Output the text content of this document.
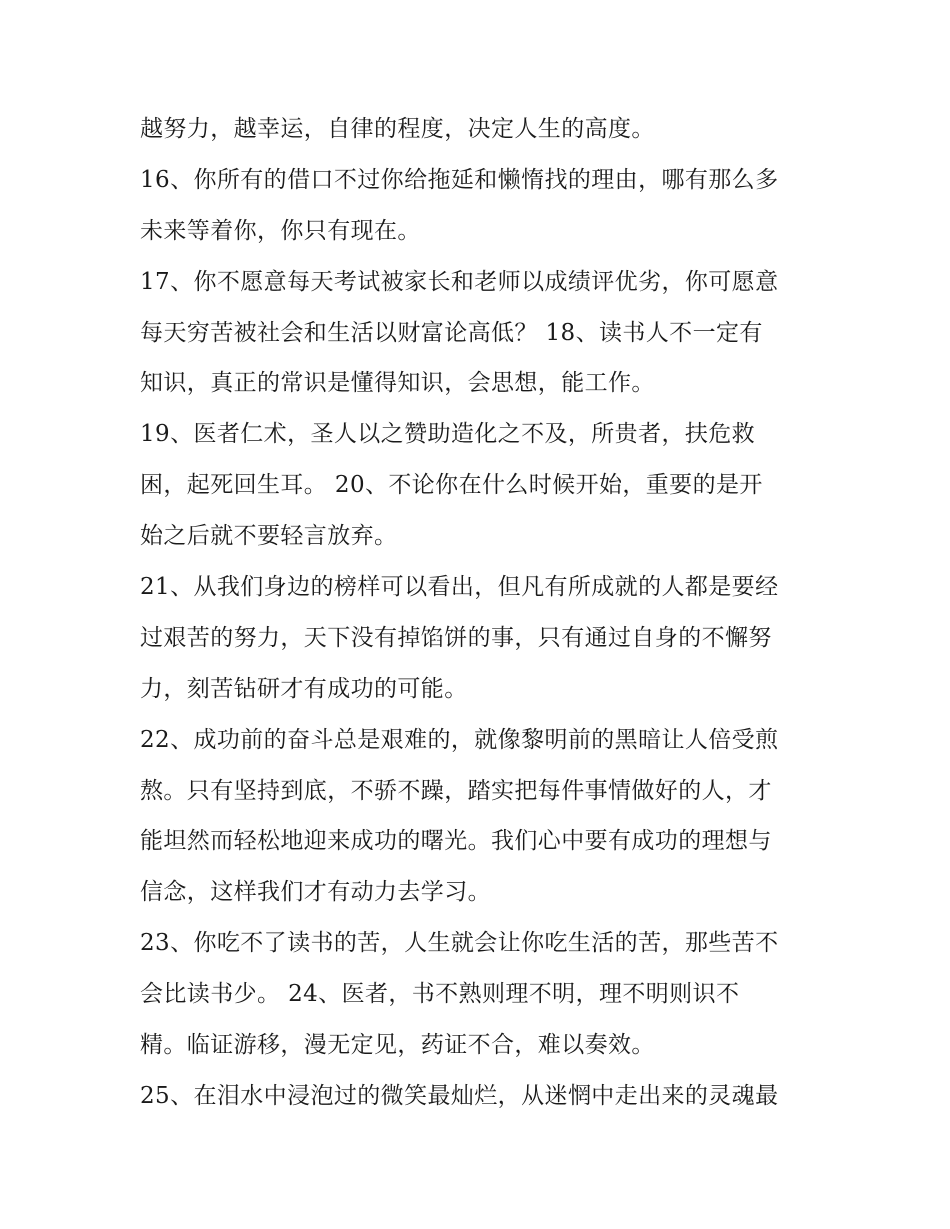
越努力，越幸运，自律的程度，决定人生的高度。
16、你所有的借口不过你给拖延和懒惰找的理由，哪有那么多
未来等着你，你只有现在。
17、你不愿意每天考试被家长和老师以成绩评优劣，你可愿意
每天穷苦被社会和生活以财富论高低？ 18、读书人不一定有
知识，真正的常识是懂得知识，会思想，能工作。
19、医者仁术，圣人以之赞助造化之不及，所贵者，扶危救
困，起死回生耳。 20、不论你在什么时候开始，重要的是开
始之后就不要轻言放弃。
21、从我们身边的榜样可以看出，但凡有所成就的人都是要经
过艰苦的努力，天下没有掉馅饼的事，只有通过自身的不懈努
力，刻苦钻研才有成功的可能。
22、成功前的奋斗总是艰难的，就像黎明前的黑暗让人倍受煎
熬。只有坚持到底，不骄不躁，踏实把每件事情做好的人，才
能坦然而轻松地迎来成功的曙光。我们心中要有成功的理想与
信念，这样我们才有动力去学习。
23、你吃不了读书的苦，人生就会让你吃生活的苦，那些苦不
会比读书少。 24、医者，书不熟则理不明，理不明则识不
精。临证游移，漫无定见，药证不合，难以奏效。
25、在泪水中浸泡过的微笑最灿烂，从迷惘中走出来的灵魂最
